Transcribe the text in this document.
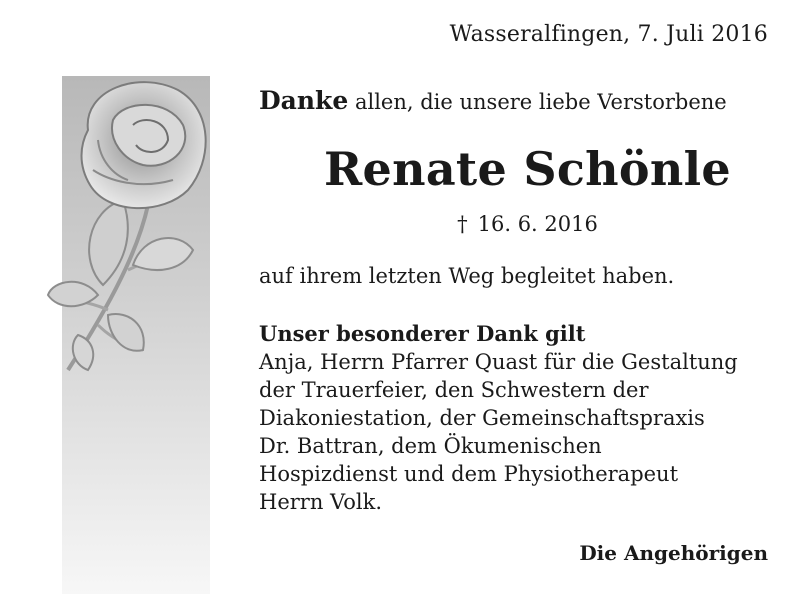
Wasseralfingen, 7. Juli 2016
Danke allen, die unsere liebe Verstorbene
Renate Schönle
† 16. 6. 2016
auf ihrem letzten Weg begleitet haben.
Unser besonderer Dank gilt
Anja, Herrn Pfarrer Quast für die Gestaltung
der Trauerfeier, den Schwestern der
Diakoniestation, der Gemeinschaftspraxis
Dr. Battran, dem Ökumenischen
Hospizdienst und dem Physiotherapeut
Herrn Volk.
Die Angehörigen
